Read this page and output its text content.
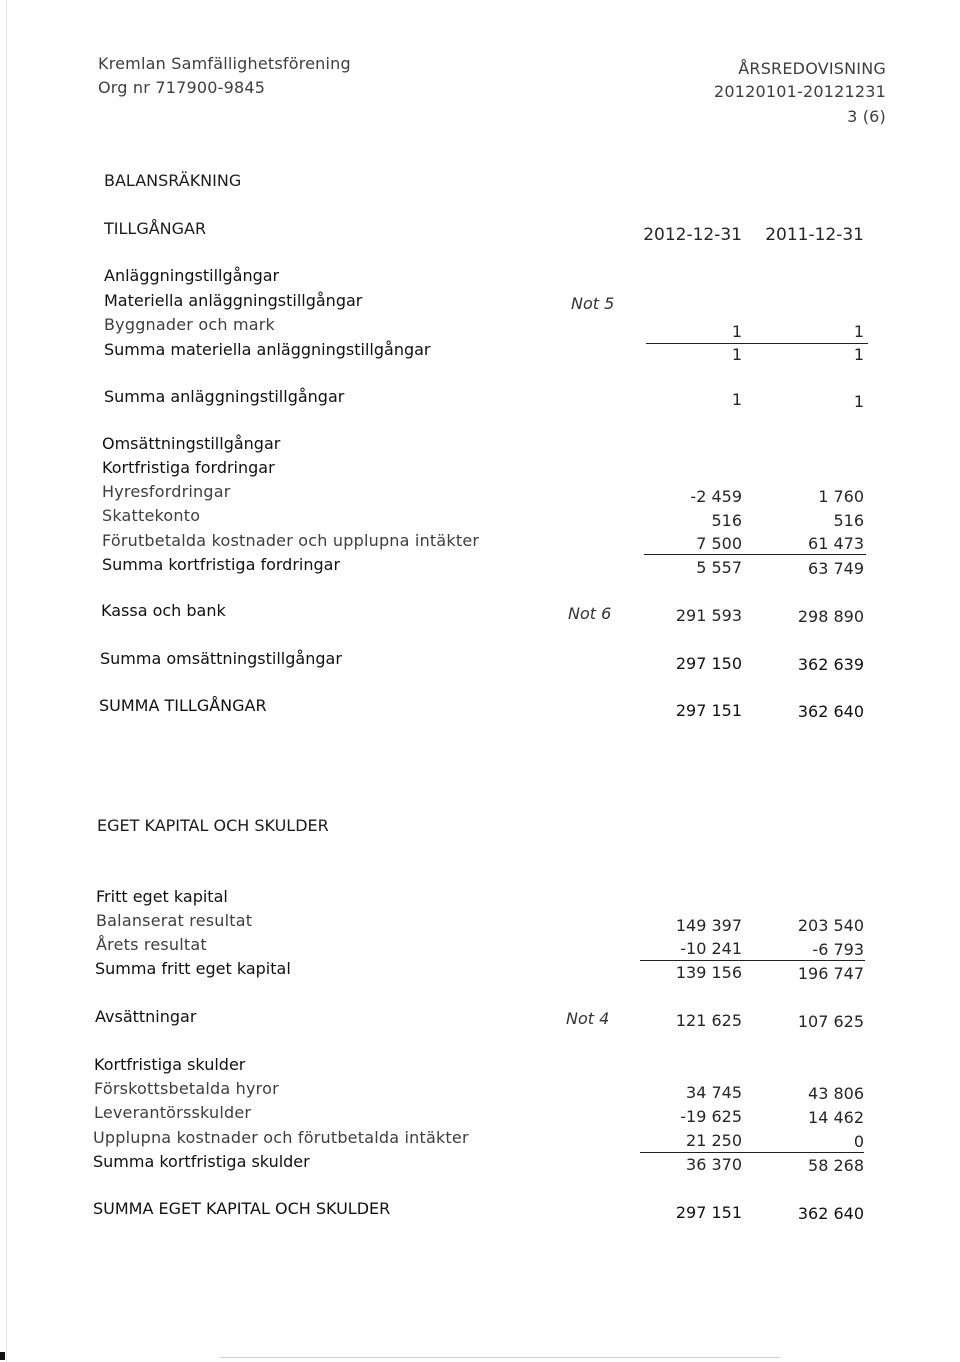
Kremlan Samfällighetsförening
Org nr 717900-9845
ÅRSREDOVISNING
20120101-20121231
3 (6)
BALANSRÄKNING
TILLGÅNGAR	2012-12-31	2011-12-31
Anläggningstillgångar
Materiella anläggningstillgångar	Not 5
Byggnader och mark	1	1
Summa materiella anläggningstillgångar	1	1
Summa anläggningstillgångar	1	1
Omsättningstillgångar
Kortfristiga fordringar
Hyresfordringar	-2 459	1 760
Skattekonto	516	516
Förutbetalda kostnader och upplupna intäkter	7 500	61 473
Summa kortfristiga fordringar	5 557	63 749
Kassa och bank	Not 6	291 593	298 890
Summa omsättningstillgångar	297 150	362 639
SUMMA TILLGÅNGAR	297 151	362 640
EGET KAPITAL OCH SKULDER
Fritt eget kapital
Balanserat resultat	149 397	203 540
Årets resultat	-10 241	-6 793
Summa fritt eget kapital	139 156	196 747
Avsättningar	Not 4	121 625	107 625
Kortfristiga skulder
Förskottsbetalda hyror	34 745	43 806
Leverantörsskulder	-19 625	14 462
Upplupna kostnader och förutbetalda intäkter	21 250	0
Summa kortfristiga skulder	36 370	58 268
SUMMA EGET KAPITAL OCH SKULDER	297 151	362 640
